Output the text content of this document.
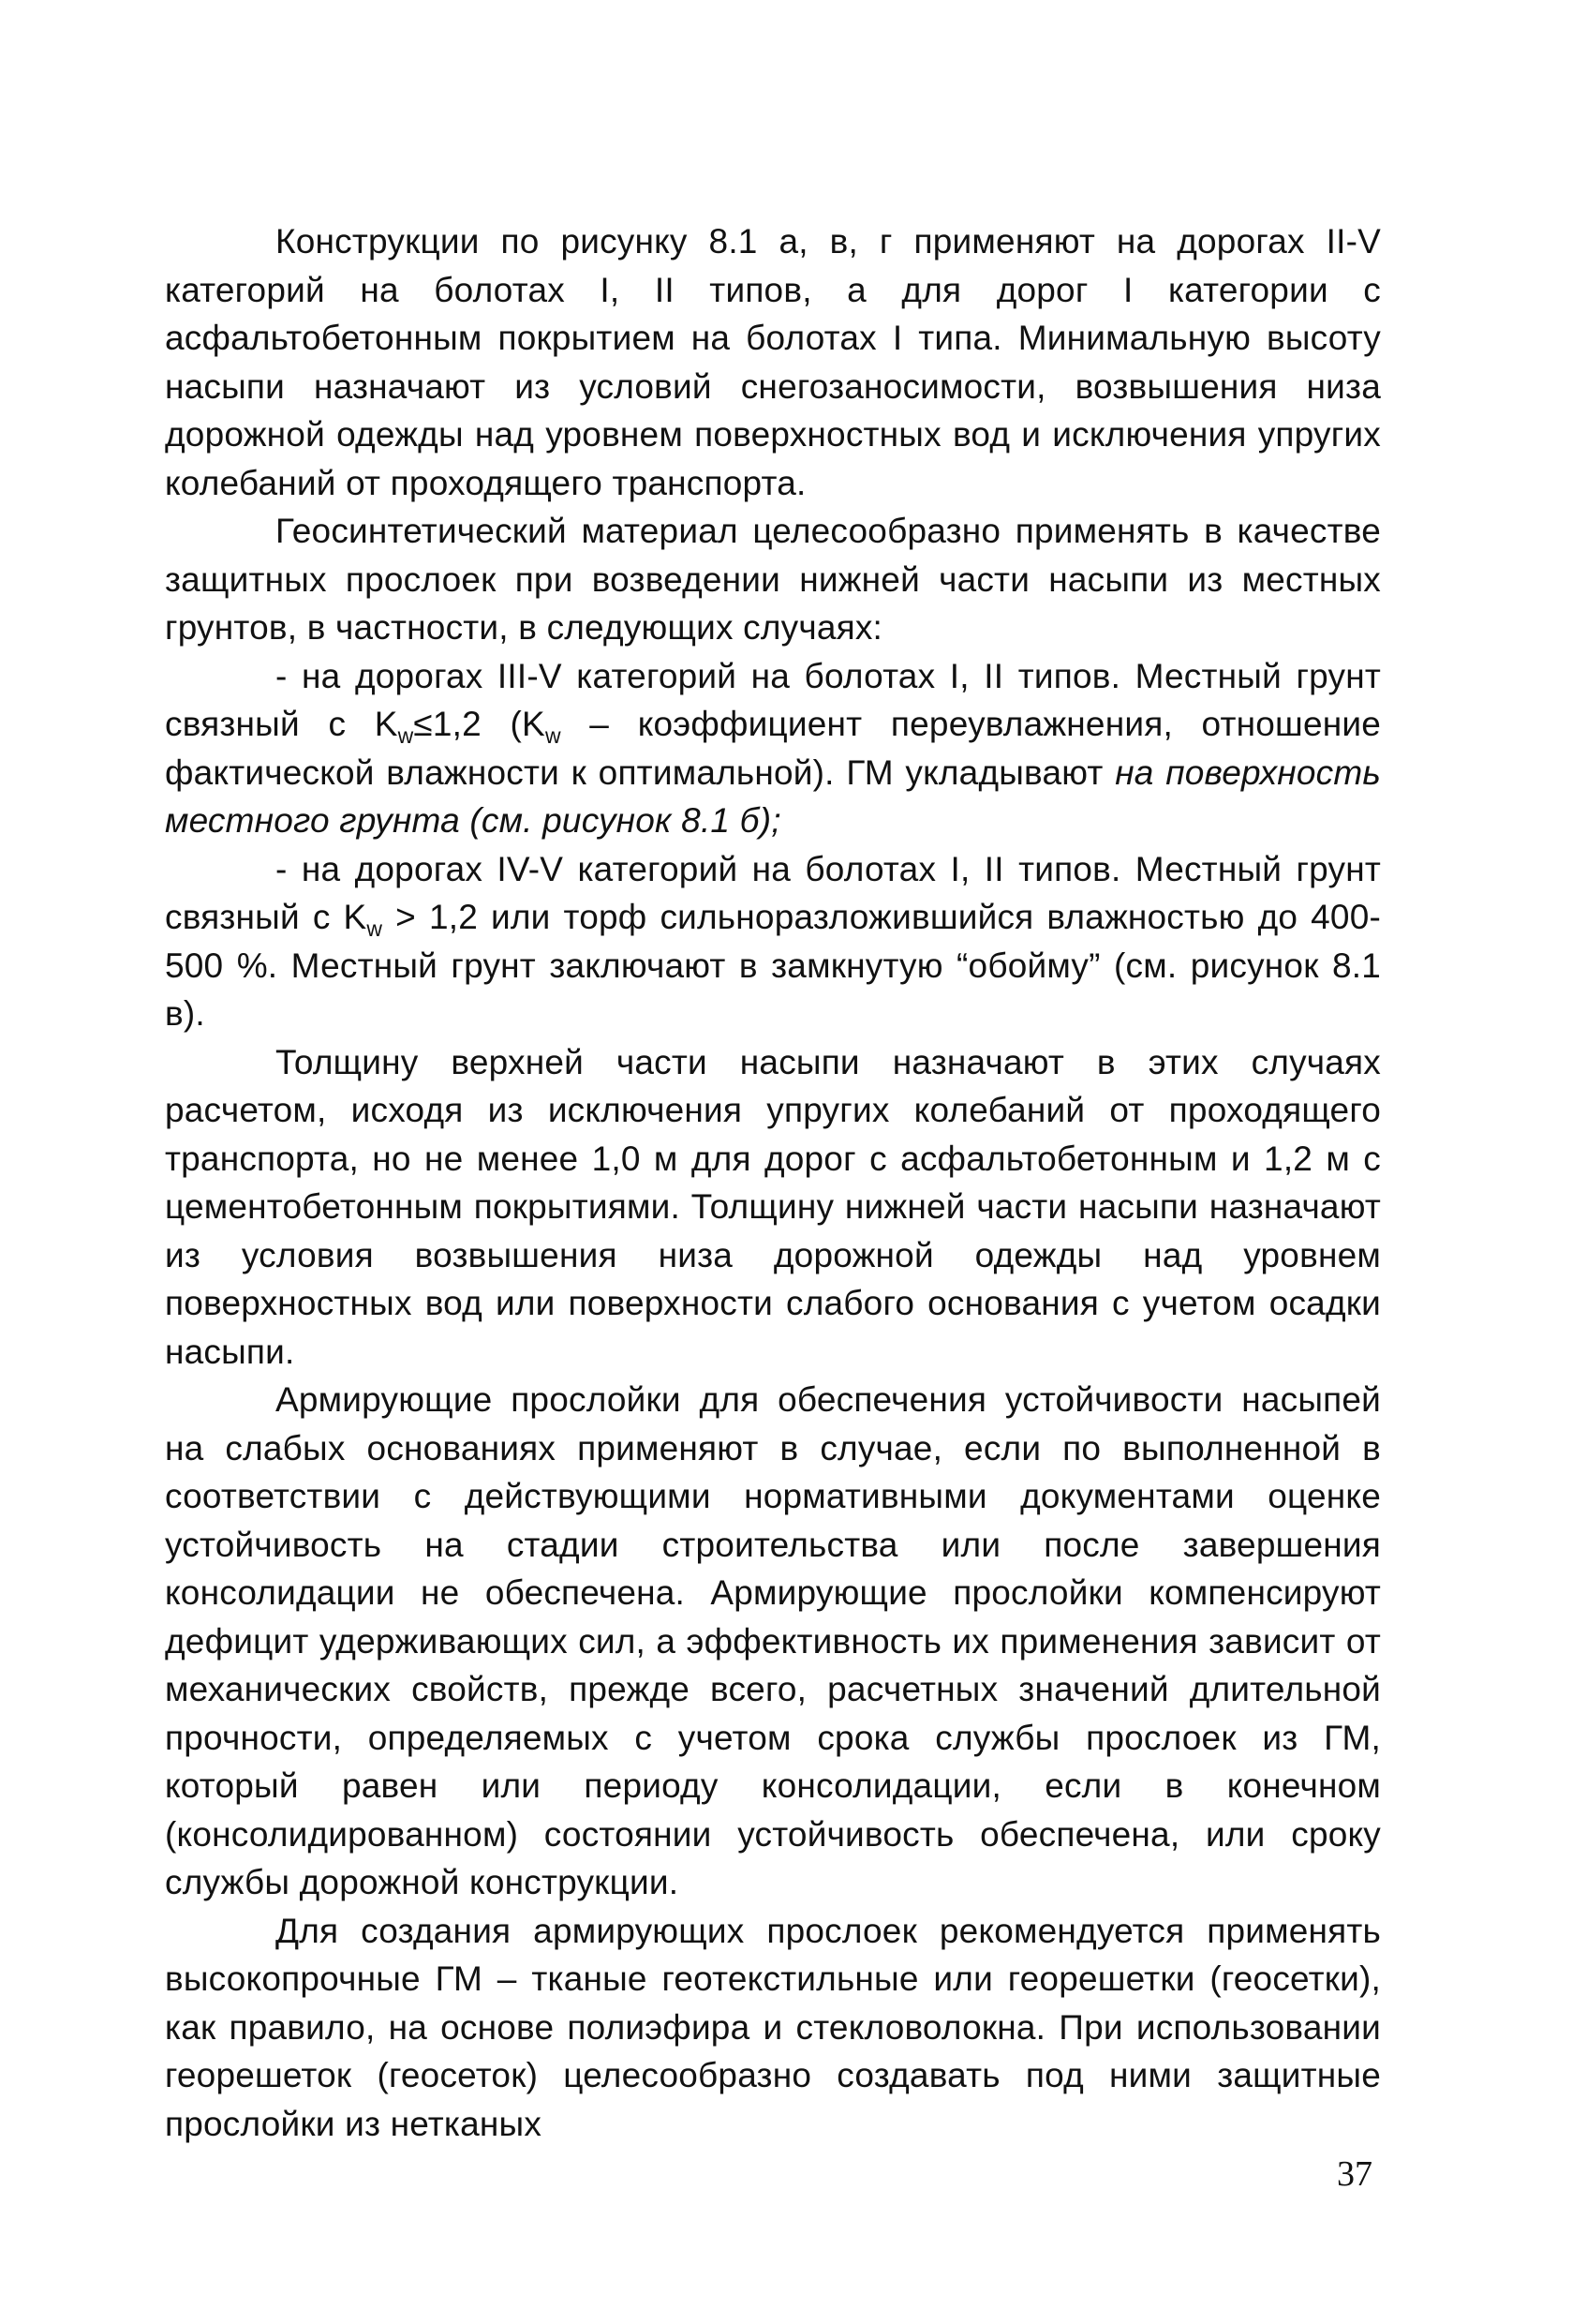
Конструкции по рисунку 8.1 а, в, г применяют на дорогах II-V категорий на болотах I, II типов, а для дорог I категории с асфальтобетонным покрытием на болотах I типа. Минимальную высоту насыпи назначают из условий снегозаносимости, возвышения низа дорожной одежды над уровнем поверхностных вод и исключения упругих колебаний от проходящего транспорта.

Геосинтетический материал целесообразно применять в качестве защитных прослоек при возведении нижней части насыпи из местных грунтов, в частности, в следующих случаях:

- на дорогах III-V категорий на болотах I, II типов. Местный грунт связный с $K_w\le 1,2$ ($K_w$ – коэффициент переувлажнения, отношение фактической влажности к оптимальной). ГМ укладывают на поверхность местного грунта (см. рисунок 8.1 б);

- на дорогах IV-V категорий на болотах I, II типов. Местный грунт связный с $K_w > 1,2$ или торф сильноразложившийся влажностью до 400-500 %. Местный грунт заключают в замкнутую “обойму” (см. рисунок 8.1 в).

Толщину верхней части насыпи назначают в этих случаях расчетом, исходя из исключения упругих колебаний от проходящего транспорта, но не менее 1,0 м для дорог с асфальтобетонным и 1,2 м с цементобетонным покрытиями. Толщину нижней части насыпи назначают из условия возвышения низа дорожной одежды над уровнем поверхностных вод или поверхности слабого основания с учетом осадки насыпи.

Армирующие прослойки для обеспечения устойчивости насыпей на слабых основаниях применяют в случае, если по выполненной в соответствии с действующими нормативными документами оценке устойчивость на стадии строительства или после завершения консолидации не обеспечена. Армирующие прослойки компенсируют дефицит удерживающих сил, а эффективность их применения зависит от механических свойств, прежде всего, расчетных значений длительной прочности, определяемых с учетом срока службы прослоек из ГМ, который равен или периоду консолидации, если в конечном (консолидированном) состоянии устойчивость обеспечена, или сроку службы дорожной конструкции.

Для создания армирующих прослоек рекомендуется применять высокопрочные ГМ – тканые геотекстильные или георешетки (геосетки), как правило, на основе полиэфира и стекловолокна. При использовании георешеток (геосеток) целесообразно создавать под ними защитные прослойки из нетканых

37
